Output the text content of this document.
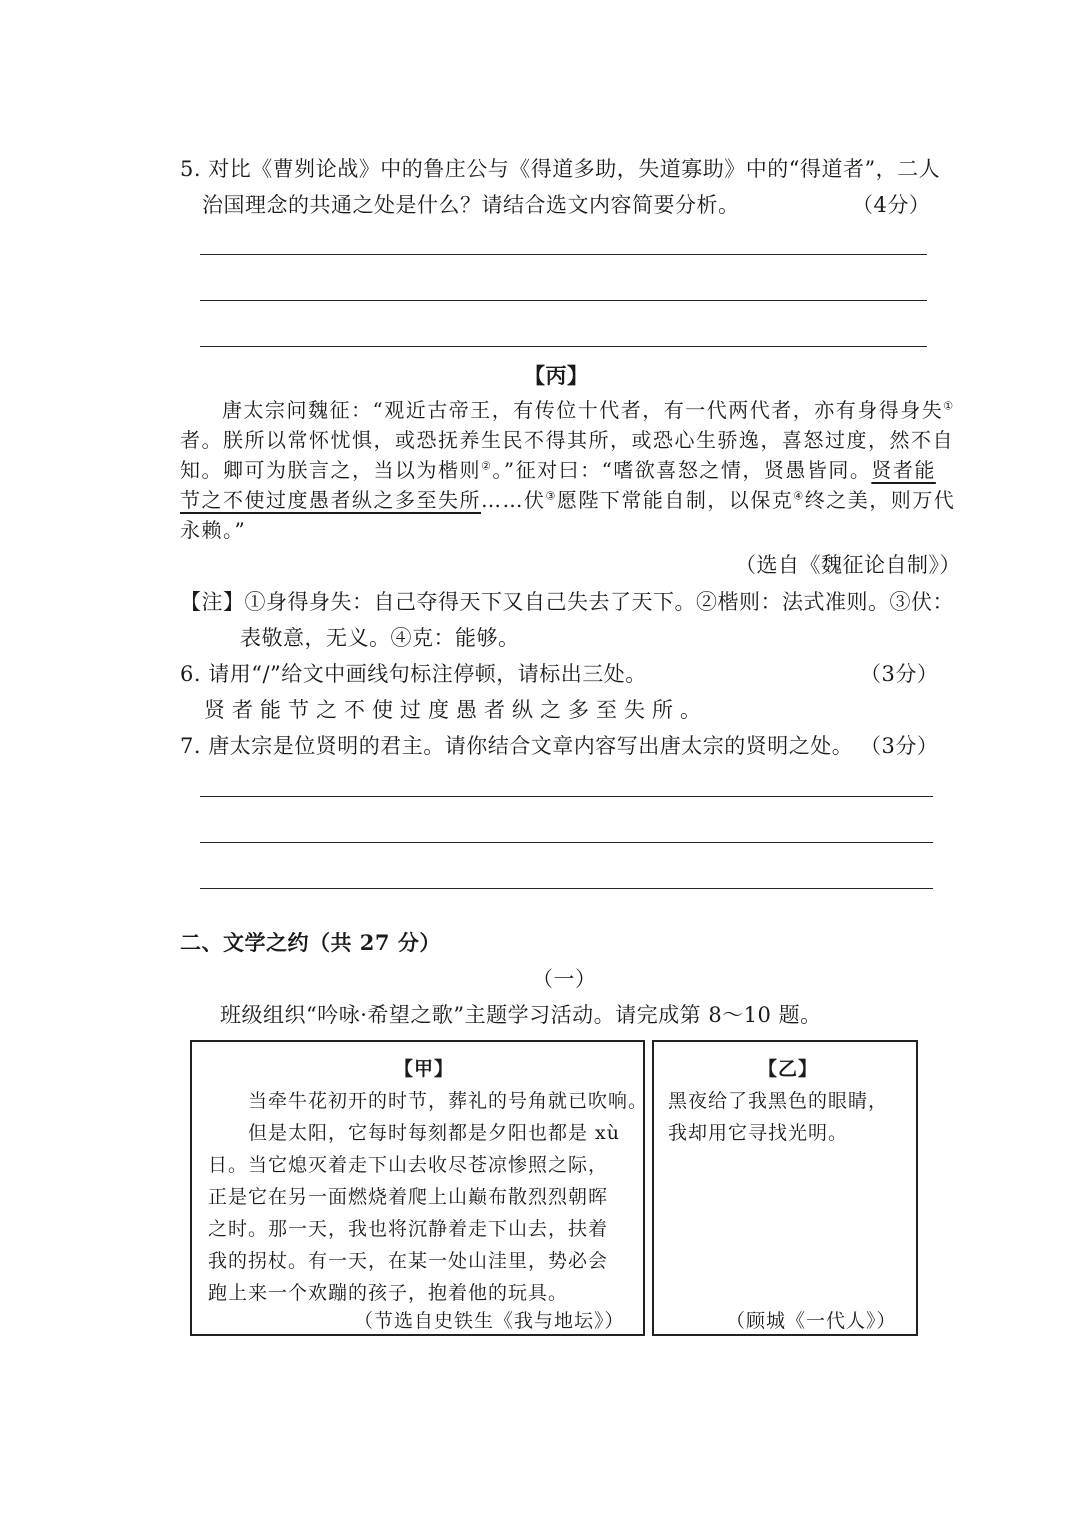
5. 对比《曹刿论战》中的鲁庄公与《得道多助，失道寡助》中的“得道者”，二人
治国理念的共通之处是什么？请结合选文内容简要分析。	（4分）
【丙】
唐太宗问魏征：“观近古帝王，有传位十代者，有一代两代者，亦有身得身失①
者。朕所以常怀忧惧，或恐抚养生民不得其所，或恐心生骄逸，喜怒过度，然不自
知。卿可为朕言之，当以为楷则②。”征对曰：“嗜欲喜怒之情，贤愚皆同。贤者能
节之不使过度愚者纵之多至失所……伏③愿陛下常能自制，以保克④终之美，则万代
永赖。”
（选自《魏征论自制》）
【注】①身得身失：自己夺得天下又自己失去了天下。②楷则：法式准则。③伏：
表敬意，无义。④克：能够。
6. 请用“/”给文中画线句标注停顿，请标出三处。	（3分）
贤者能节之不使过度愚者纵之多至失所。
7. 唐太宗是位贤明的君主。请你结合文章内容写出唐太宗的贤明之处。 （3分）
二、文学之约（共 27 分）
（一）
班级组织“吟咏·希望之歌”主题学习活动。请完成第 8～10 题。
【甲】
当牵牛花初开的时节，葬礼的号角就已吹响。
但是太阳，它每时每刻都是夕阳也都是 xù
日。当它熄灭着走下山去收尽苍凉惨照之际，
正是它在另一面燃烧着爬上山巅布散烈烈朝晖
之时。那一天，我也将沉静着走下山去，扶着
我的拐杖。有一天，在某一处山洼里，势必会
跑上来一个欢蹦的孩子，抱着他的玩具。
（节选自史铁生《我与地坛》）
【乙】
黑夜给了我黑色的眼睛，
我却用它寻找光明。
（顾城《一代人》）
